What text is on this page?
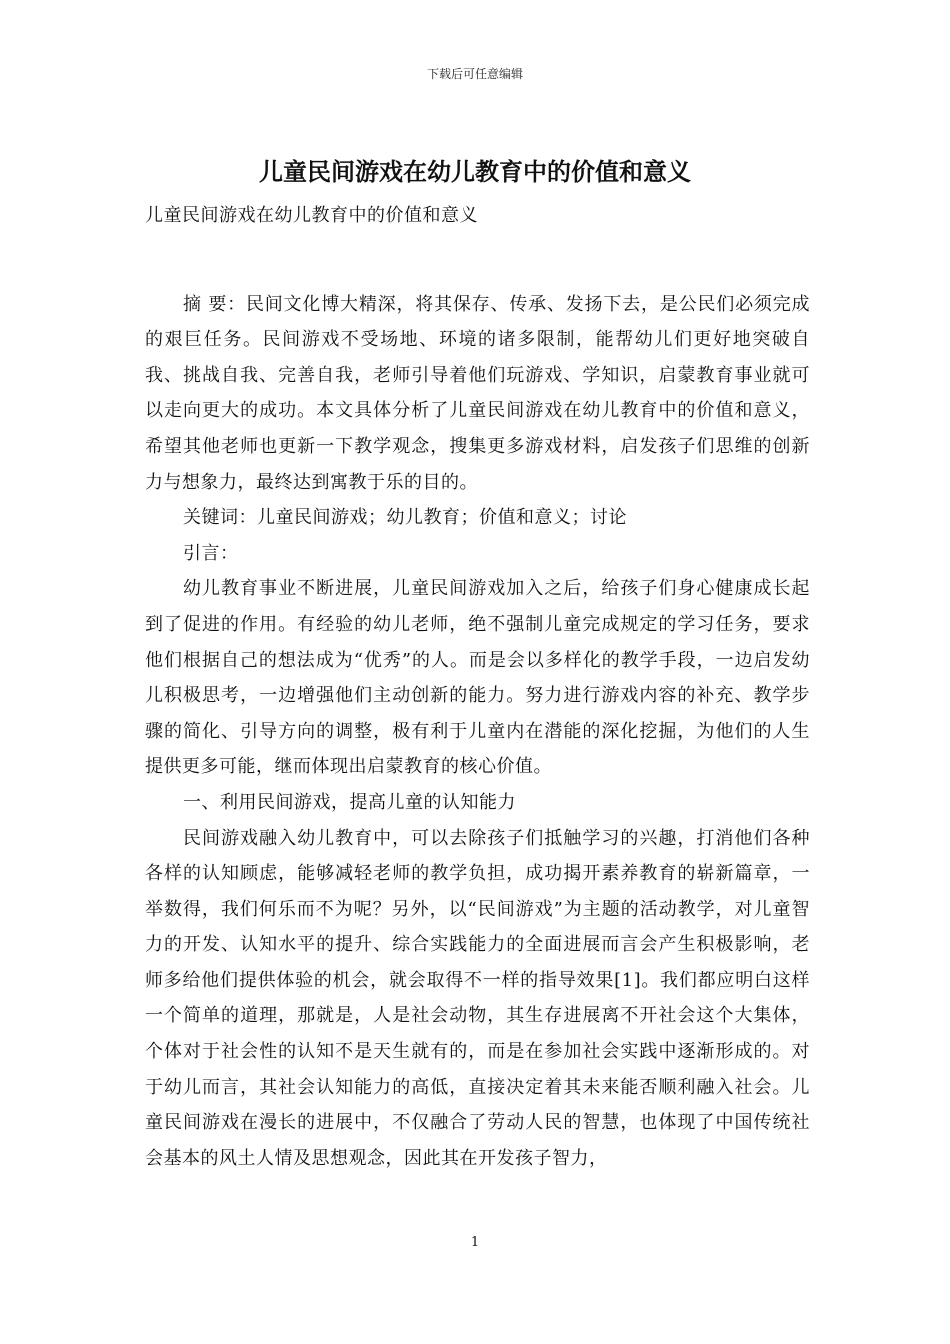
下载后可任意编辑
儿童民间游戏在幼儿教育中的价值和意义

儿童民间游戏在幼儿教育中的价值和意义

摘 要：民间文化博大精深，将其保存、传承、发扬下去，是公民们必须完成的艰巨任务。民间游戏不受场地、环境的诸多限制，能帮幼儿们更好地突破自我、挑战自我、完善自我，老师引导着他们玩游戏、学知识，启蒙教育事业就可以走向更大的成功。本文具体分析了儿童民间游戏在幼儿教育中的价值和意义，希望其他老师也更新一下教学观念，搜集更多游戏材料，启发孩子们思维的创新力与想象力，最终达到寓教于乐的目的。

关键词：儿童民间游戏；幼儿教育；价值和意义；讨论

引言：

幼儿教育事业不断进展，儿童民间游戏加入之后，给孩子们身心健康成长起到了促进的作用。有经验的幼儿老师，绝不强制儿童完成规定的学习任务，要求他们根据自己的想法成为“优秀”的人。而是会以多样化的教学手段，一边启发幼儿积极思考，一边增强他们主动创新的能力。努力进行游戏内容的补充、教学步骤的简化、引导方向的调整，极有利于儿童内在潜能的深化挖掘，为他们的人生提供更多可能，继而体现出启蒙教育的核心价值。

一、利用民间游戏，提高儿童的认知能力

民间游戏融入幼儿教育中，可以去除孩子们抵触学习的兴趣，打消他们各种各样的认知顾虑，能够减轻老师的教学负担，成功揭开素养教育的崭新篇章，一举数得，我们何乐而不为呢？另外，以“民间游戏”为主题的活动教学，对儿童智力的开发、认知水平的提升、综合实践能力的全面进展而言会产生积极影响，老师多给他们提供体验的机会，就会取得不一样的指导效果[1]。我们都应明白这样一个简单的道理，那就是，人是社会动物，其生存进展离不开社会这个大集体，个体对于社会性的认知不是天生就有的，而是在参加社会实践中逐渐形成的。对于幼儿而言，其社会认知能力的高低，直接决定着其未来能否顺利融入社会。儿童民间游戏在漫长的进展中，不仅融合了劳动人民的智慧，也体现了中国传统社会基本的风土人情及思想观念，因此其在开发孩子智力，

1
